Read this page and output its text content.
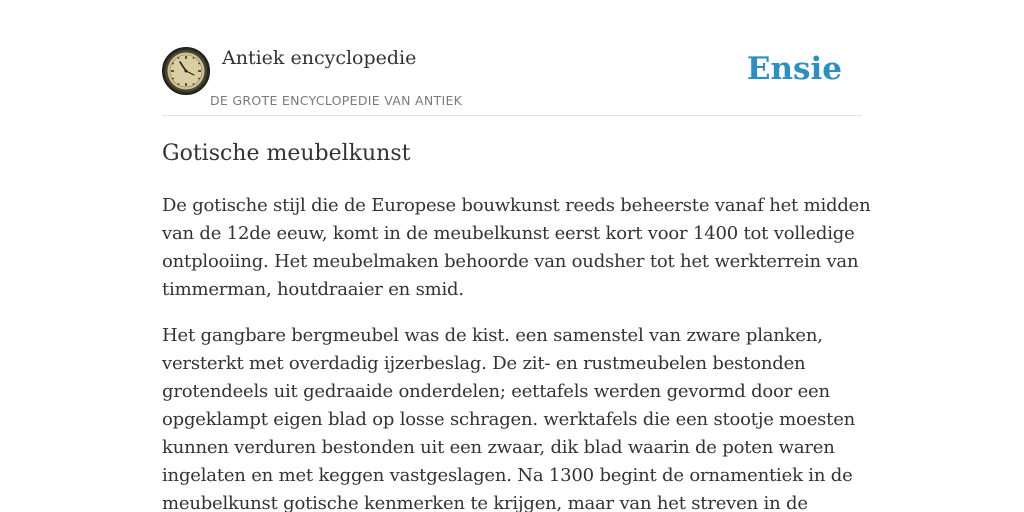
Antiek encyclopedie
DE GROTE ENCYCLOPEDIE VAN ANTIEK
Ensie
Gotische meubelkunst

De gotische stijl die de Europese bouwkunst reeds beheerste vanaf het midden
van de 12de eeuw, komt in de meubelkunst eerst kort voor 1400 tot volledige
ontplooiing. Het meubelmaken behoorde van oudsher tot het werkterrein van
timmerman, houtdraaier en smid.

Het gangbare bergmeubel was de kist. een samenstel van zware planken,
versterkt met overdadig ijzerbeslag. De zit- en rustmeubelen bestonden
grotendeels uit gedraaide onderdelen; eettafels werden gevormd door een
opgeklampt eigen blad op losse schragen. werktafels die een stootje moesten
kunnen verduren bestonden uit een zwaar, dik blad waarin de poten waren
ingelaten en met keggen vastgeslagen. Na 1300 begint de ornamentiek in de
meubelkunst gotische kenmerken te krijgen, maar van het streven in de
